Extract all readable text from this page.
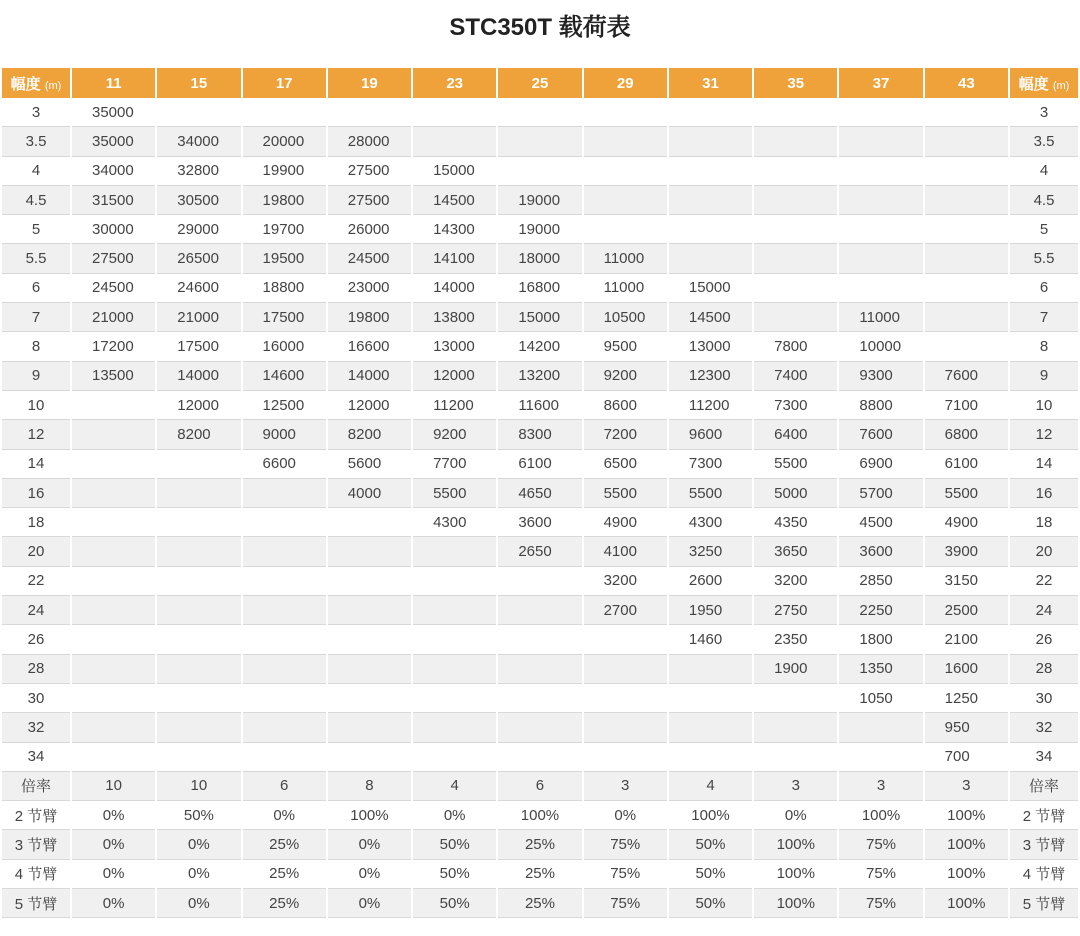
STC350T 载荷表
幅度 (m)	11	15	17	19	23	25	29	31	35	37	43	幅度 (m)
3	35000											3
3.5	35000	34000	20000	28000								3.5
4	34000	32800	19900	27500	15000							4
4.5	31500	30500	19800	27500	14500	19000						4.5
5	30000	29000	19700	26000	14300	19000						5
5.5	27500	26500	19500	24500	14100	18000	11000					5.5
6	24500	24600	18800	23000	14000	16800	11000	15000				6
7	21000	21000	17500	19800	13800	15000	10500	14500		11000		7
8	17200	17500	16000	16600	13000	14200	9500	13000	7800	10000		8
9	13500	14000	14600	14000	12000	13200	9200	12300	7400	9300	7600	9
10		12000	12500	12000	11200	11600	8600	11200	7300	8800	7100	10
12		8200	9000	8200	9200	8300	7200	9600	6400	7600	6800	12
14			6600	5600	7700	6100	6500	7300	5500	6900	6100	14
16				4000	5500	4650	5500	5500	5000	5700	5500	16
18					4300	3600	4900	4300	4350	4500	4900	18
20						2650	4100	3250	3650	3600	3900	20
22							3200	2600	3200	2850	3150	22
24							2700	1950	2750	2250	2500	24
26								1460	2350	1800	2100	26
28									1900	1350	1600	28
30										1050	1250	30
32											950	32
34											700	34
倍率	10	10	6	8	4	6	3	4	3	3	3	倍率
2 节臂	0%	50%	0%	100%	0%	100%	0%	100%	0%	100%	100%	2 节臂
3 节臂	0%	0%	25%	0%	50%	25%	75%	50%	100%	75%	100%	3 节臂
4 节臂	0%	0%	25%	0%	50%	25%	75%	50%	100%	75%	100%	4 节臂
5 节臂	0%	0%	25%	0%	50%	25%	75%	50%	100%	75%	100%	5 节臂
